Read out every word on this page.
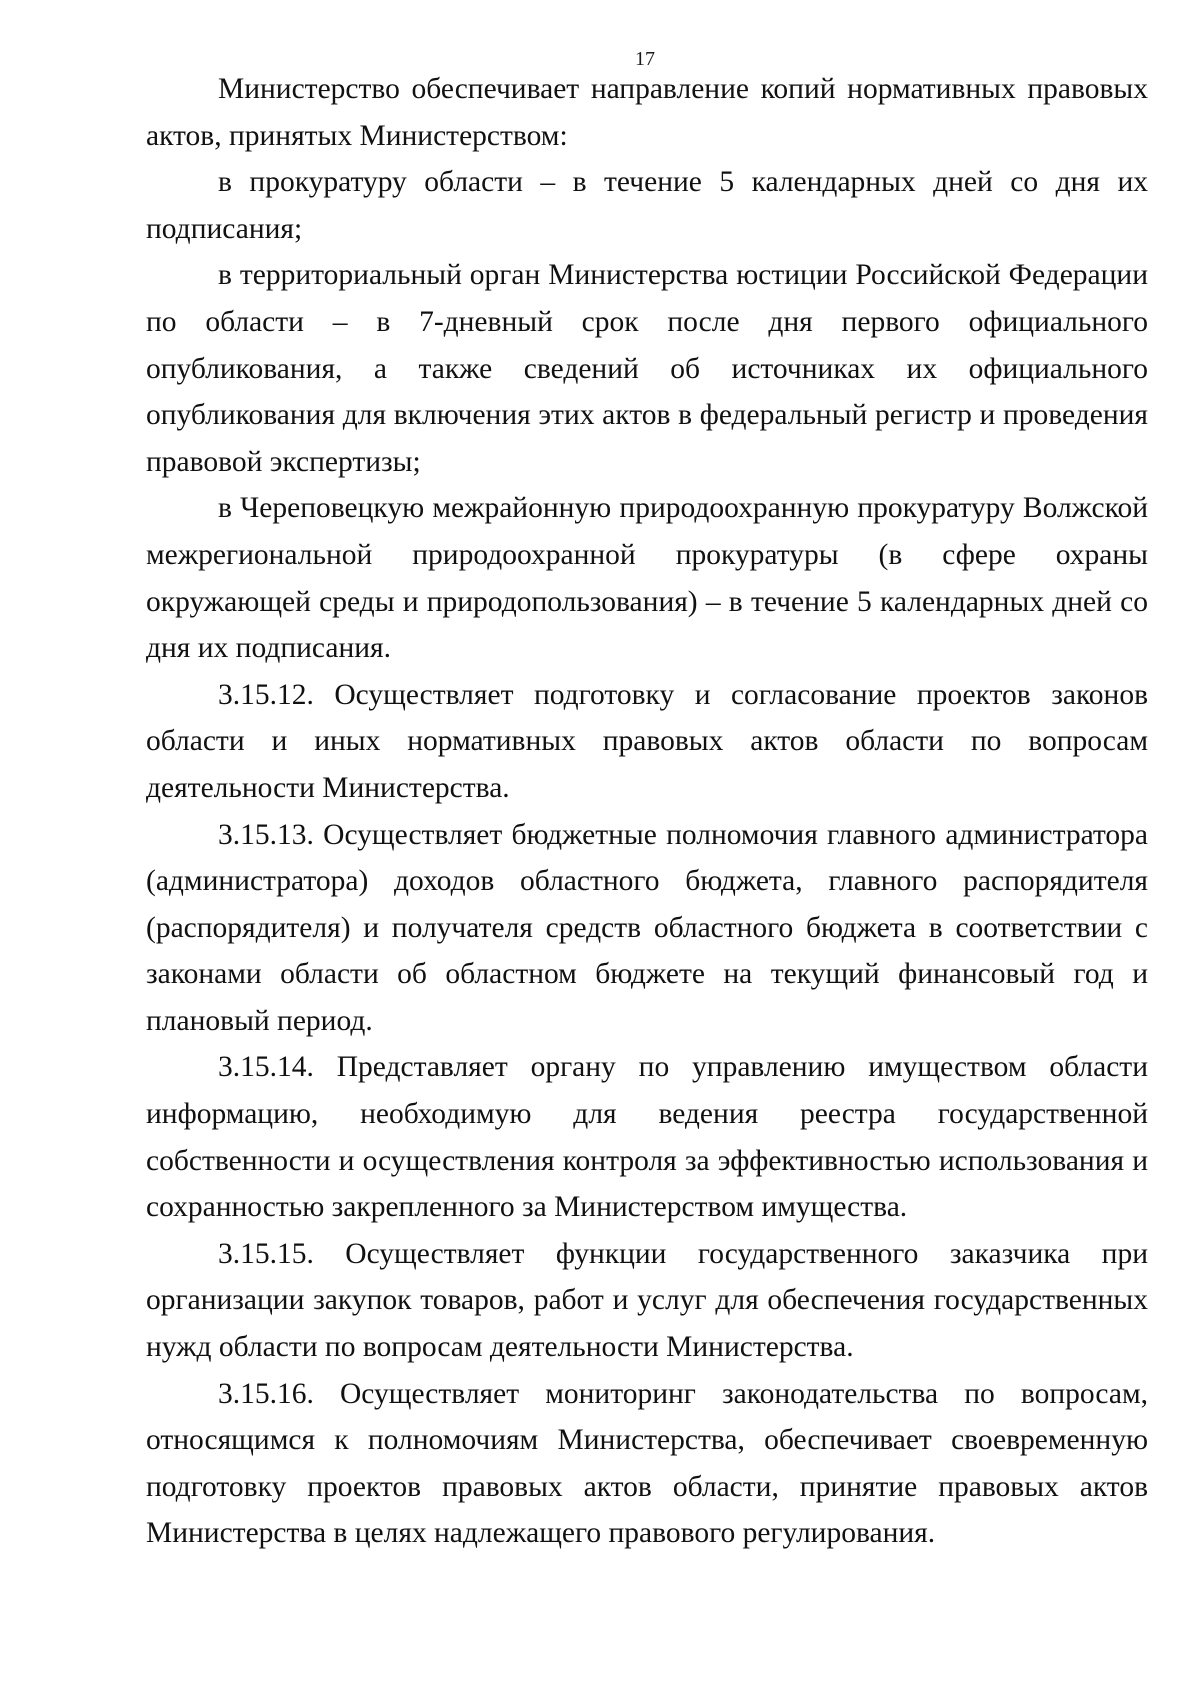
17

Министерство обеспечивает направление копий нормативных правовых актов, принятых Министерством:

в прокуратуру области – в течение 5 календарных дней со дня их подписания;

в территориальный орган Министерства юстиции Российской Федерации по области – в 7-дневный срок после дня первого официального опубликования, а также сведений об источниках их официального опубликования для включения этих актов в федеральный регистр и проведения правовой экспертизы;

в Череповецкую межрайонную природоохранную прокуратуру Волжской межрегиональной природоохранной прокуратуры (в сфере охраны окружающей среды и природопользования) – в течение 5 календарных дней со дня их подписания.

3.15.12. Осуществляет подготовку и согласование проектов законов области и иных нормативных правовых актов области по вопросам деятельности Министерства.

3.15.13. Осуществляет бюджетные полномочия главного администратора (администратора) доходов областного бюджета, главного распорядителя (распорядителя) и получателя средств областного бюджета в соответствии с законами области об областном бюджете на текущий финансовый год и плановый период.

3.15.14. Представляет органу по управлению имуществом области информацию, необходимую для ведения реестра государственной собственности и осуществления контроля за эффективностью использования и сохранностью закрепленного за Министерством имущества.

3.15.15. Осуществляет функции государственного заказчика при организации закупок товаров, работ и услуг для обеспечения государственных нужд области по вопросам деятельности Министерства.

3.15.16. Осуществляет мониторинг законодательства по вопросам, относящимся к полномочиям Министерства, обеспечивает своевременную подготовку проектов правовых актов области, принятие правовых актов Министерства в целях надлежащего правового регулирования.
